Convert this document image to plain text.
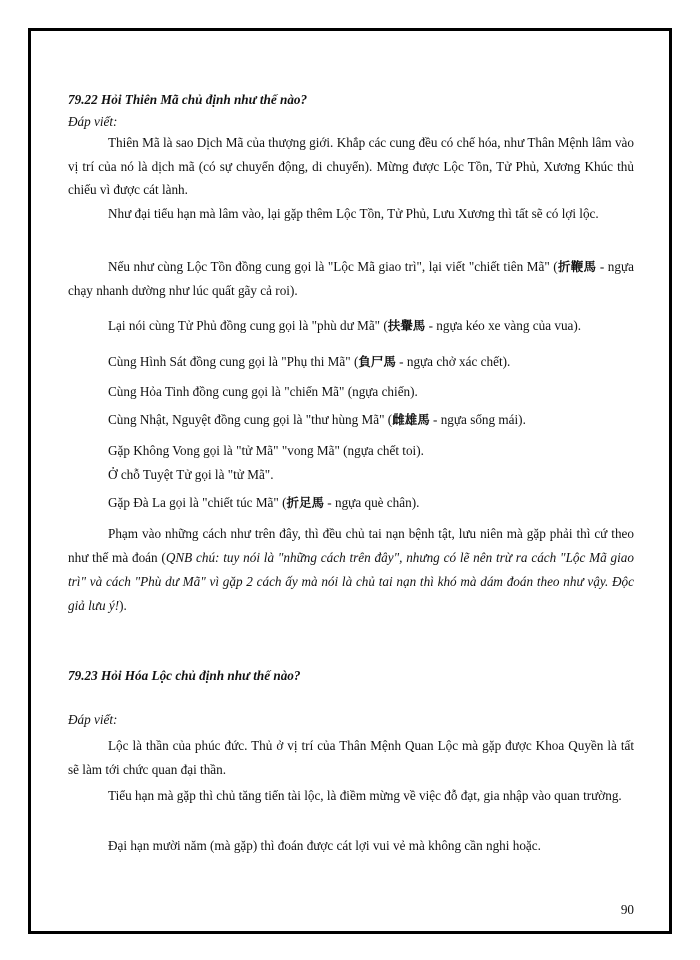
79.22 Hỏi Thiên Mã chủ định như thế nào?
Đáp viết:
Thiên Mã là sao Dịch Mã của thượng giới. Khắp các cung đều có chế hóa, như Thân Mệnh lâm vào vị trí của nó là dịch mã (có sự chuyển động, di chuyển). Mừng được Lộc Tồn, Tử Phủ, Xương Khúc thủ chiếu vì được cát lành.
Như đại tiểu hạn mà lâm vào, lại gặp thêm Lộc Tồn, Tử Phủ, Lưu Xương thì tất sẽ có lợi lộc.
Nếu như cùng Lộc Tồn đồng cung gọi là "Lộc Mã giao trì", lại viết "chiết tiên Mã" (折鞭馬 - ngựa chạy nhanh dường như lúc quất gãy cả roi).
Lại nói cùng Tử Phủ đồng cung gọi là "phù dư Mã" (扶轝馬 - ngựa kéo xe vàng của vua).
Cùng Hình Sát đồng cung gọi là "Phụ thi Mã" (負尸馬 - ngựa chở xác chết).
Cùng Hỏa Tinh đồng cung gọi là "chiến Mã" (ngựa chiến).
Cùng Nhật, Nguyệt đồng cung gọi là "thư hùng Mã" (雌雄馬 - ngựa sống mái).
Gặp Không Vong gọi là "tử Mã" "vong Mã" (ngựa chết toi).
Ở chỗ Tuyệt Tử gọi là "tử Mã".
Gặp Đà La gọi là "chiết túc Mã" (折足馬 - ngựa què chân).
Phạm vào những cách như trên đây, thì đều chủ tai nạn bệnh tật, lưu niên mà gặp phải thì cứ theo như thế mà đoán (QNB chú: tuy nói là "những cách trên đây", nhưng có lẽ nên trừ ra cách "Lộc Mã giao trì" và cách "Phù dư Mã" vì gặp 2 cách ấy mà nói là chủ tai nạn thì khó mà dám đoán theo như vậy. Độc giả lưu ý!).
79.23 Hỏi Hóa Lộc chủ định như thế nào?
Đáp viết:
Lộc là thần của phúc đức. Thủ ở vị trí của Thân Mệnh Quan Lộc mà gặp được Khoa Quyền là tất sẽ làm tới chức quan đại thần.
Tiểu hạn mà gặp thì chủ tăng tiến tài lộc, là điềm mừng về việc đỗ đạt, gia nhập vào quan trường.
Đại hạn mười năm (mà gặp) thì đoán được cát lợi vui vẻ mà không cần nghi hoặc.
90
